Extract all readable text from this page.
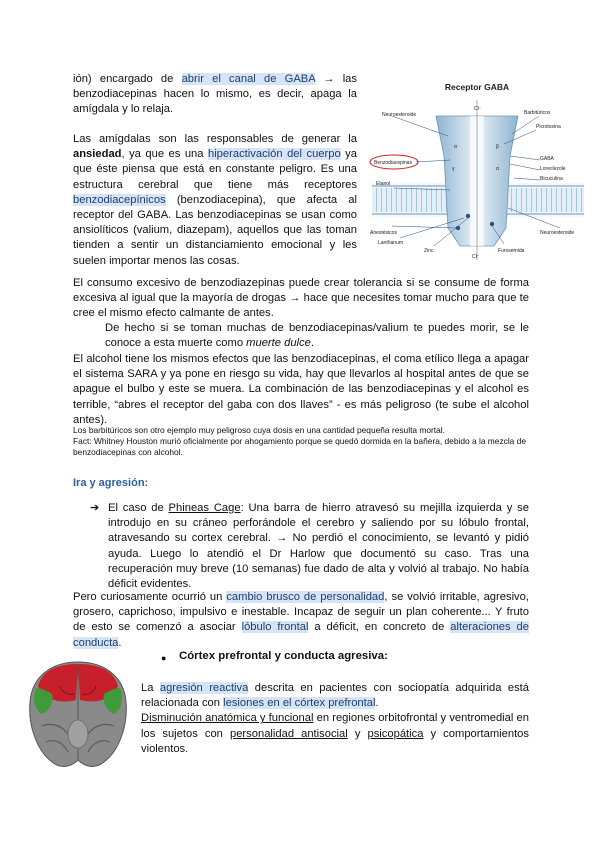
ión) encargado de abrir el canal de GABA → las benzodiacepinas hacen lo mismo, es decir, apaga la amígdala y lo relaja.
Las amígdalas son las responsables de generar la ansiedad, ya que es una hiperactivación del cuerpo ya que éste piensa que está en constante peligro. Es una estructura cerebral que tiene más receptores benzodiacepínicos (benzodiacepina), que afecta al receptor del GABA. Las benzodiacepinas se usan como ansiolíticos (valium, diazepam), aquellos que las toman tienden a sentir un distanciamiento emocional y les suelen importar menos las cosas.
Receptor GABA
α	β
γ	α
Neuroesteroide
Cl⁻
Barbitúricos
Picrotoxina
GABA
Loreclezole
Bicuculina
Benzodiacepinas
Etanol
Anestésicos
Lanthanum
Zinc
Cl⁻
Furosemida
Neuroesteroide
El consumo excesivo de benzodiazepinas puede crear tolerancia si se consume de forma excesiva al igual que la mayoría de drogas → hace que necesites tomar mucho para que te cree el mismo efecto calmante de antes.
De hecho si se toman muchas de benzodiacepinas/valium te puedes morir, se le conoce a esta muerte como muerte dulce.
El alcohol tiene los mismos efectos que las benzodiacepinas, el coma etílico llega a apagar el sistema SARA y ya pone en riesgo su vida, hay que llevarlos al hospital antes de que se apague el bulbo y este se muera. La combinación de las benzodiacepinas y el alcohol es terrible, “abres el receptor del gaba con dos llaves” - es más peligroso (te sube el alcohol antes).
Los barbitúricos son otro ejemplo muy peligroso cuya dosis en una cantidad pequeña resulta mortal.
Fact: Whitney Houston murió oficialmente por ahogamiento porque se quedó dormida en la bañera, debido a la mezcla de benzodiacepinas con alcohol.
Ira y agresión:
➔ El caso de Phineas Cage: Una barra de hierro atravesó su mejilla izquierda y se introdujo en su cráneo perforándole el cerebro y saliendo por su lóbulo frontal, atravesando su cortex cerebral. → No perdió el conocimiento, se levantó y pidió ayuda. Luego lo atendió el Dr Harlow que documentó su caso. Tras una recuperación muy breve (10 semanas) fue dado de alta y volvió al trabajo. No había déficit evidentes.
Pero curiosamente ocurrió un cambio brusco de personalidad, se volvió irritable, agresivo, grosero, caprichoso, impulsivo e inestable. Incapaz de seguir un plan coherente... Y fruto de esto se comenzó a asociar lóbulo frontal a déficit, en concreto de alteraciones de conducta.
● Córtex prefrontal y conducta agresiva:
La agresión reactiva descrita en pacientes con sociopatía adquirida está relacionada con lesiones en el córtex prefrontal.
Disminución anatómica y funcional en regiones orbitofrontal y ventromedial en los sujetos con personalidad antisocial y psicopática y comportamientos violentos.
